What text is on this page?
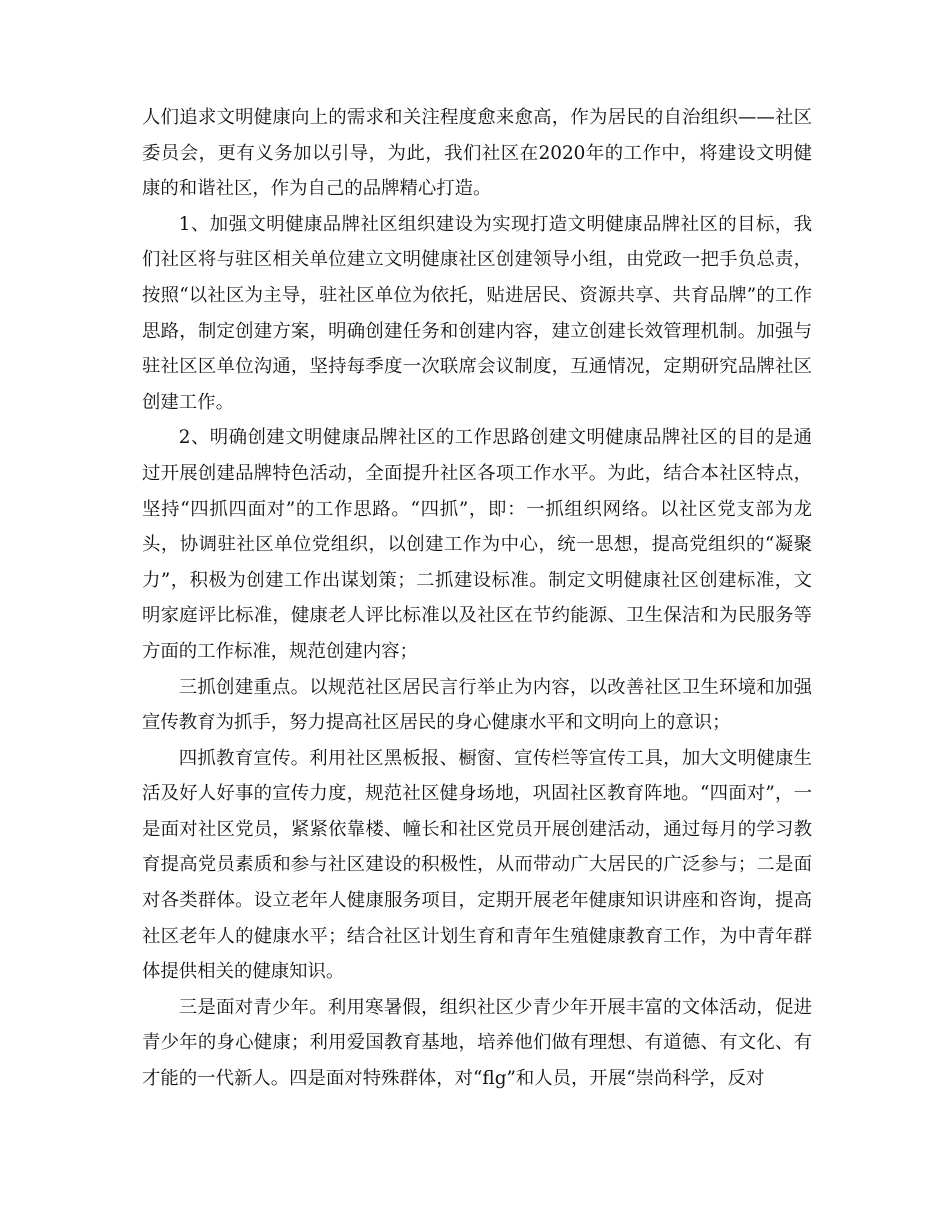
人们追求文明健康向上的需求和关注程度愈来愈高，作为居民的自治组织——社区委员会，更有义务加以引导，为此，我们社区在2020年的工作中，将建设文明健康的和谐社区，作为自己的品牌精心打造。

1、加强文明健康品牌社区组织建设为实现打造文明健康品牌社区的目标，我们社区将与驻区相关单位建立文明健康社区创建领导小组，由党政一把手负总责，按照“以社区为主导，驻社区单位为依托，贴进居民、资源共享、共育品牌”的工作思路，制定创建方案，明确创建任务和创建内容，建立创建长效管理机制。加强与驻社区区单位沟通，坚持每季度一次联席会议制度，互通情况，定期研究品牌社区创建工作。

2、明确创建文明健康品牌社区的工作思路创建文明健康品牌社区的目的是通过开展创建品牌特色活动，全面提升社区各项工作水平。为此，结合本社区特点，坚持“四抓四面对”的工作思路。“四抓”，即：一抓组织网络。以社区党支部为龙头，协调驻社区单位党组织，以创建工作为中心，统一思想，提高党组织的“凝聚力”，积极为创建工作出谋划策；二抓建设标准。制定文明健康社区创建标准，文明家庭评比标准，健康老人评比标准以及社区在节约能源、卫生保洁和为民服务等方面的工作标准，规范创建内容；

三抓创建重点。以规范社区居民言行举止为内容，以改善社区卫生环境和加强宣传教育为抓手，努力提高社区居民的身心健康水平和文明向上的意识；

四抓教育宣传。利用社区黑板报、橱窗、宣传栏等宣传工具，加大文明健康生活及好人好事的宣传力度，规范社区健身场地，巩固社区教育阵地。“四面对”，一是面对社区党员，紧紧依靠楼、幢长和社区党员开展创建活动，通过每月的学习教育提高党员素质和参与社区建设的积极性，从而带动广大居民的广泛参与；二是面对各类群体。设立老年人健康服务项目，定期开展老年健康知识讲座和咨询，提高社区老年人的健康水平；结合社区计划生育和青年生殖健康教育工作，为中青年群体提供相关的健康知识。

三是面对青少年。利用寒暑假，组织社区少青少年开展丰富的文体活动，促进青少年的身心健康；利用爱国教育基地，培养他们做有理想、有道德、有文化、有才能的一代新人。四是面对特殊群体，对“flg”和人员，开展“崇尚科学，反对
